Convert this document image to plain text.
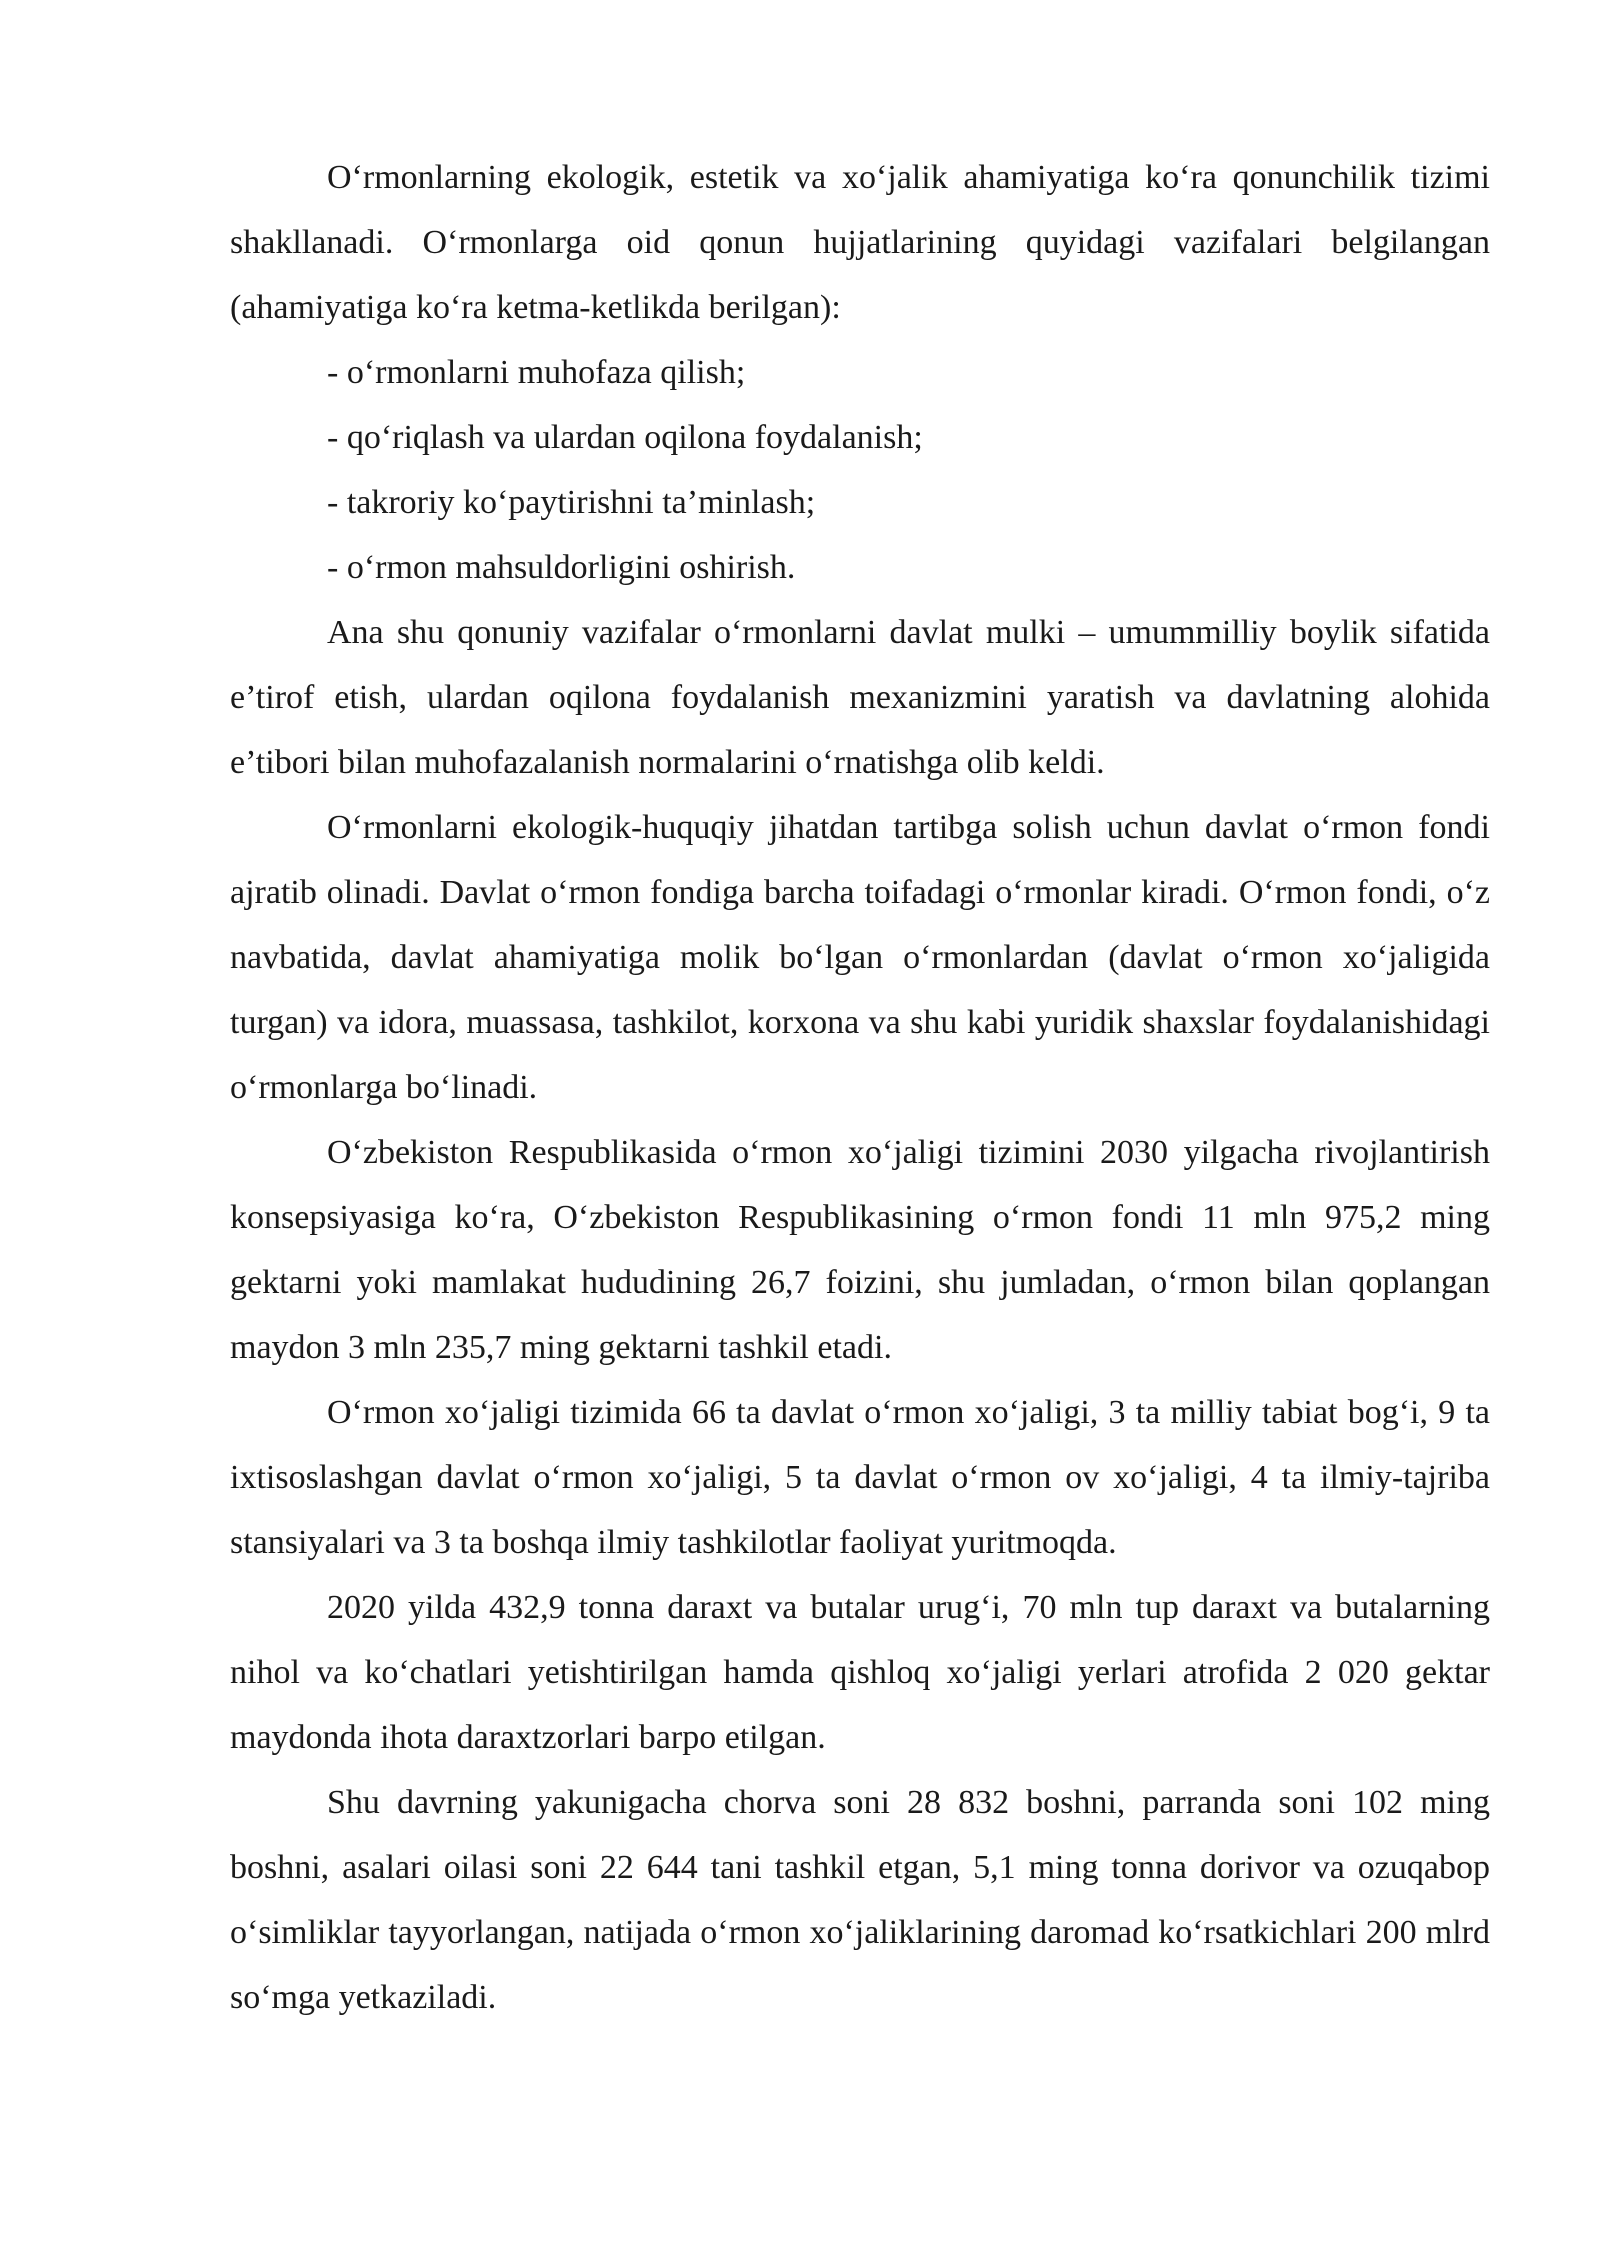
O‘rmonlarning ekologik, estetik va xo‘jalik ahamiyatiga ko‘ra qonunchilik tizimi shakllanadi. O‘rmonlarga oid qonun hujjatlarining quyidagi vazifalari belgilangan (ahamiyatiga ko‘ra ketma-ketlikda berilgan):

- o‘rmonlarni muhofaza qilish;

- qo‘riqlash va ulardan oqilona foydalanish;

- takroriy ko‘paytirishni ta’minlash;

- o‘rmon mahsuldorligini oshirish.

Ana shu qonuniy vazifalar o‘rmonlarni davlat mulki – umummilliy boylik sifatida e’tirof etish, ulardan oqilona foydalanish mexanizmini yaratish va davlatning alohida e’tibori bilan muhofazalanish normalarini o‘rnatishga olib keldi.

O‘rmonlarni ekologik-huquqiy jihatdan tartibga solish uchun davlat o‘rmon fondi ajratib olinadi. Davlat o‘rmon fondiga barcha toifadagi o‘rmonlar kiradi. O‘rmon fondi, o‘z navbatida, davlat ahamiyatiga molik bo‘lgan o‘rmonlardan (davlat o‘rmon xo‘jaligida turgan) va idora, muassasa, tashkilot, korxona va shu kabi yuridik shaxslar foydalanishidagi o‘rmonlarga bo‘linadi.

O‘zbekiston Respublikasida o‘rmon xo‘jaligi tizimini 2030 yilgacha rivojlantirish konsepsiyasiga ko‘ra, O‘zbekiston Respublikasining o‘rmon fondi 11 mln 975,2 ming gektarni yoki mamlakat hududining 26,7 foizini, shu jumladan, o‘rmon bilan qoplangan maydon 3 mln 235,7 ming gektarni tashkil etadi.

O‘rmon xo‘jaligi tizimida 66 ta davlat o‘rmon xo‘jaligi, 3 ta milliy tabiat bog‘i, 9 ta ixtisoslashgan davlat o‘rmon xo‘jaligi, 5 ta davlat o‘rmon ov xo‘jaligi, 4 ta ilmiy-tajriba stansiyalari va 3 ta boshqa ilmiy tashkilotlar faoliyat yuritmoqda.

2020 yilda 432,9 tonna daraxt va butalar urug‘i, 70 mln tup daraxt va butalarning nihol va ko‘chatlari yetishtirilgan hamda qishloq xo‘jaligi yerlari atrofida 2 020 gektar maydonda ihota daraxtzorlari barpo etilgan.

Shu davrning yakunigacha chorva soni 28 832 boshni, parranda soni 102 ming boshni, asalari oilasi soni 22 644 tani tashkil etgan, 5,1 ming tonna dorivor va ozuqabop o‘simliklar tayyorlangan, natijada o‘rmon xo‘jaliklarining daromad ko‘rsatkichlari 200 mlrd so‘mga yetkaziladi.
